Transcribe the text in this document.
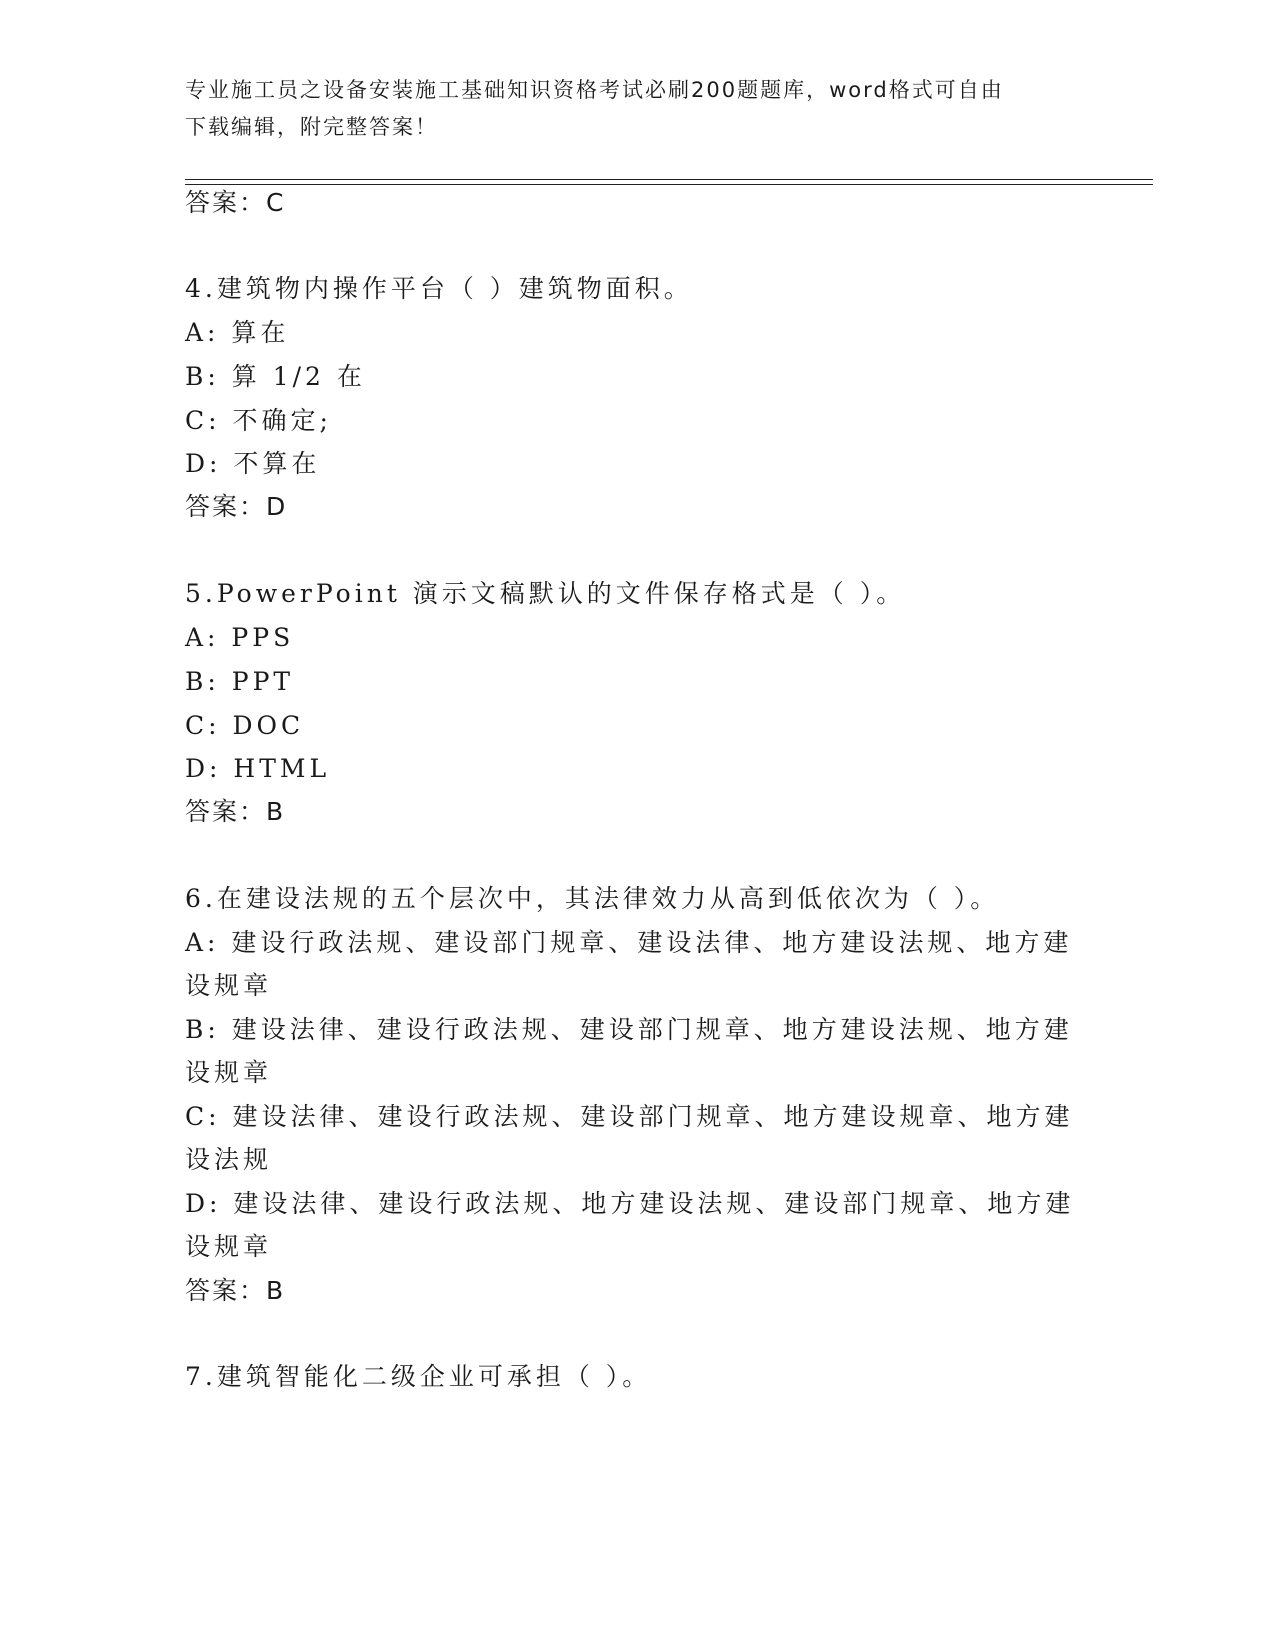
专业施工员之设备安装施工基础知识资格考试必刷200题题库，word格式可自由
下载编辑，附完整答案！
答案：C
4.建筑物内操作平台（ ）建筑物面积。
A: 算在
B: 算 1/2 在
C: 不确定;
D: 不算在
答案：D
5.PowerPoint 演示文稿默认的文件保存格式是（ ）。
A: PPS
B: PPT
C: DOC
D: HTML
答案：B
6.在建设法规的五个层次中，其法律效力从高到低依次为（ ）。
A: 建设行政法规、建设部门规章、建设法律、地方建设法规、地方建
设规章
B: 建设法律、建设行政法规、建设部门规章、地方建设法规、地方建
设规章
C: 建设法律、建设行政法规、建设部门规章、地方建设规章、地方建
设法规
D: 建设法律、建设行政法规、地方建设法规、建设部门规章、地方建
设规章
答案：B
7.建筑智能化二级企业可承担（ ）。
